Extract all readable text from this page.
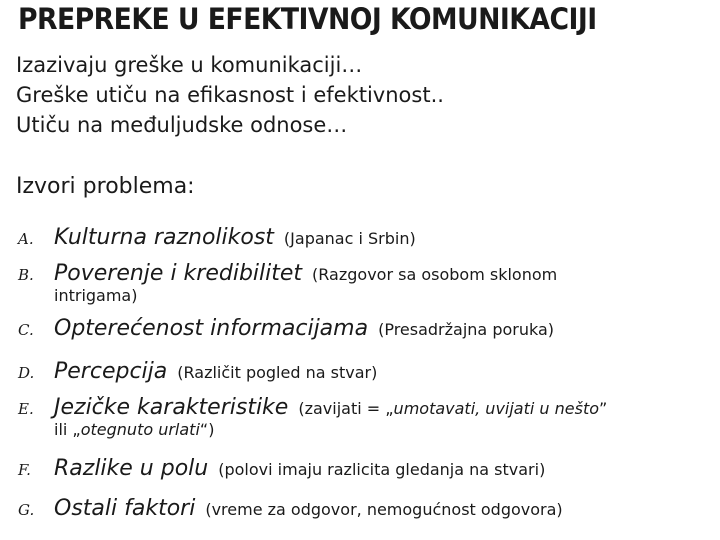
PREPREKE U EFEKTIVNOJ KOMUNIKACIJI
Izazivaju greške u komunikaciji…
Greške utiču na efikasnost i efektivnost..
Utiču na međuljudske odnose…
Izvori problema:
A. Kulturna raznolikost (Japanac i Srbin)
B. Poverenje i kredibilitet (Razgovor sa osobom sklonom
intrigama)
C. Opterećenost informacijama (Presadržajna poruka)
D. Percepcija (Različit pogled na stvar)
E. Jezičke karakteristike (zavijati = „umotavati, uvijati u nešto”
ili „otegnuto urlati“)
F.	Razlike u polu (polovi imaju razlicita gledanja na stvari)
G. Ostali faktori (vreme za odgovor, nemogućnost odgovora)
